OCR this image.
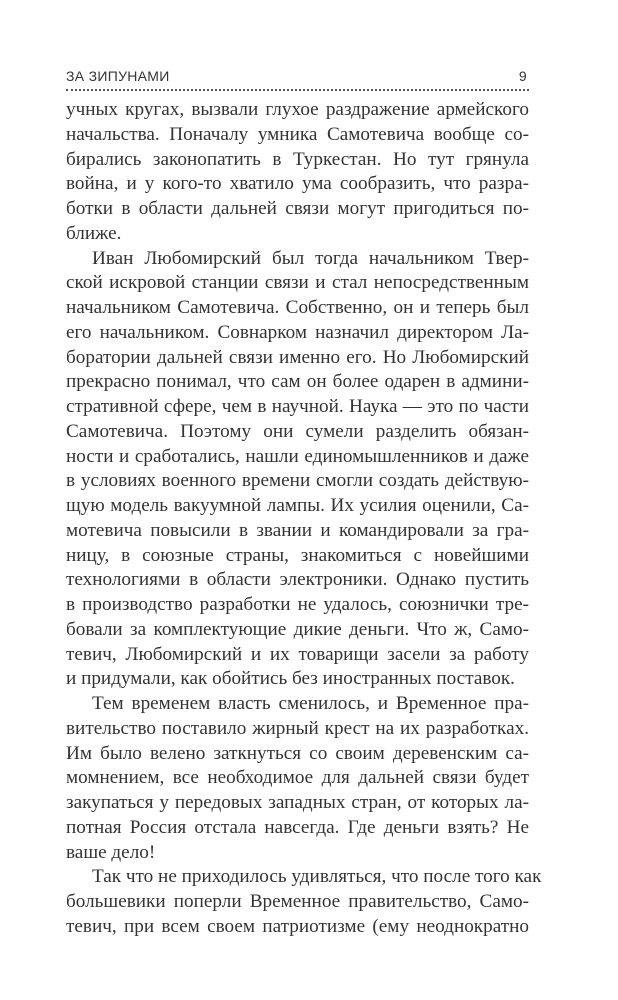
ЗА ЗИПУНАМИ	9
учных кругах, вызвали глухое раздражение армейского
начальства. Поначалу умника Самотевича вообще со-
бирались законопатить в Туркестан. Но тут грянула
война, и у кого-то хватило ума сообразить, что разра-
ботки в области дальней связи могут пригодиться по-
ближе.
Иван Любомирский был тогда начальником Твер-
ской искровой станции связи и стал непосредственным
начальником Самотевича. Собственно, он и теперь был
его начальником. Совнарком назначил директором Ла-
боратории дальней связи именно его. Но Любомирский
прекрасно понимал, что сам он более одарен в админи-
стративной сфере, чем в научной. Наука — это по части
Самотевича. Поэтому они сумели разделить обязан-
ности и сработались, нашли единомышленников и даже
в условиях военного времени смогли создать действую-
щую модель вакуумной лампы. Их усилия оценили, Са-
мотевича повысили в звании и командировали за гра-
ницу, в союзные страны, знакомиться с новейшими
технологиями в области электроники. Однако пустить
в производство разработки не удалось, союзнички тре-
бовали за комплектующие дикие деньги. Что ж, Само-
тевич, Любомирский и их товарищи засели за работу
и придумали, как обойтись без иностранных поставок.
Тем временем власть сменилось, и Временное пра-
вительство поставило жирный крест на их разработках.
Им было велено заткнуться со своим деревенским са-
момнением, все необходимое для дальней связи будет
закупаться у передовых западных стран, от которых ла-
потная Россия отстала навсегда. Где деньги взять? Не
ваше дело!
Так что не приходилось удивляться, что после того как
большевики поперли Временное правительство, Само-
тевич, при всем своем патриотизме (ему неоднократно
